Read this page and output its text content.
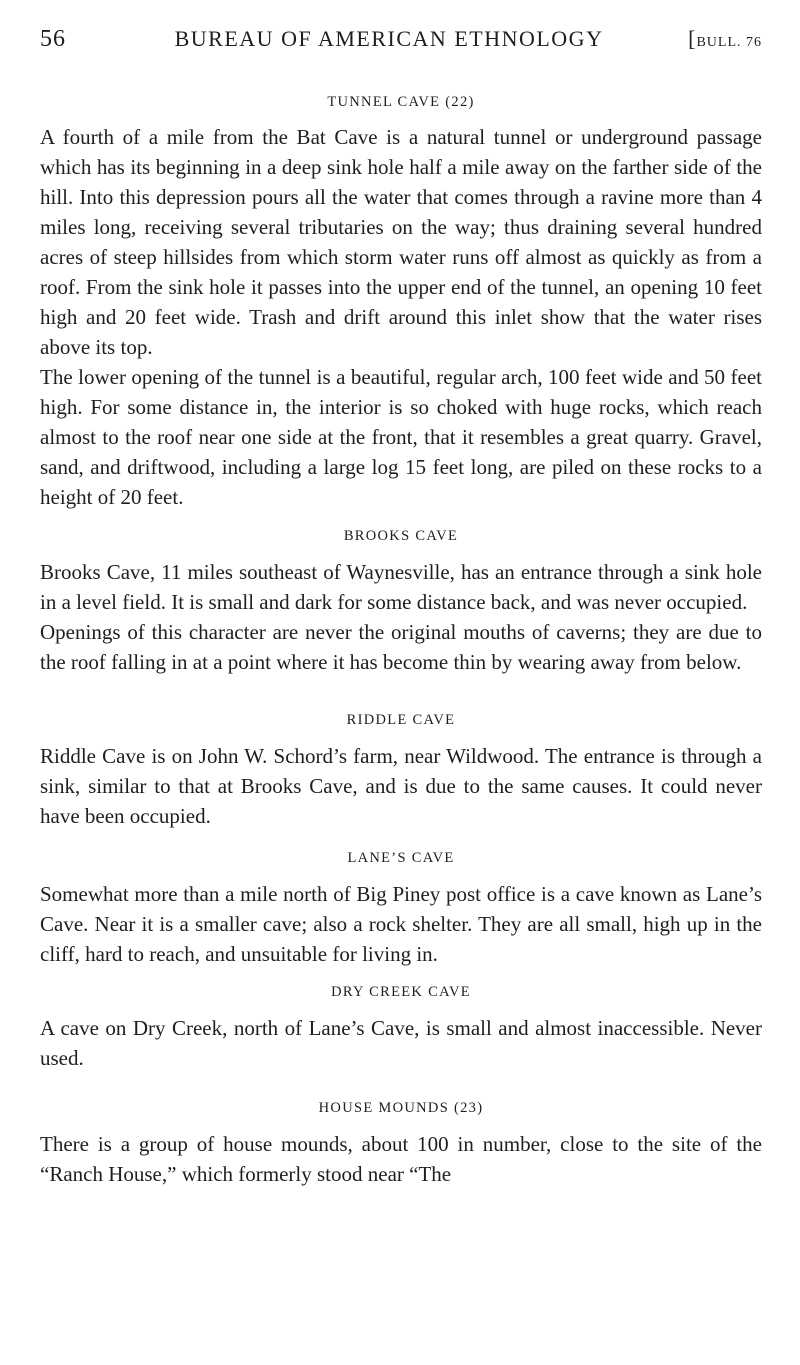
56	BUREAU OF AMERICAN ETHNOLOGY	[BULL. 76
TUNNEL CAVE (22)

A fourth of a mile from the Bat Cave is a natural tunnel or underground passage which has its beginning in a deep sink hole half a mile away on the farther side of the hill. Into this depression pours all the water that comes through a ravine more than 4 miles long, receiving several tributaries on the way; thus draining several hundred acres of steep hillsides from which storm water runs off almost as quickly as from a roof. From the sink hole it passes into the upper end of the tunnel, an opening 10 feet high and 20 feet wide. Trash and drift around this inlet show that the water rises above its top.

The lower opening of the tunnel is a beautiful, regular arch, 100 feet wide and 50 feet high. For some distance in, the interior is so choked with huge rocks, which reach almost to the roof near one side at the front, that it resembles a great quarry. Gravel, sand, and driftwood, including a large log 15 feet long, are piled on these rocks to a height of 20 feet.

BROOKS CAVE

Brooks Cave, 11 miles southeast of Waynesville, has an entrance through a sink hole in a level field. It is small and dark for some distance back, and was never occupied.

Openings of this character are never the original mouths of caverns; they are due to the roof falling in at a point where it has become thin by wearing away from below.

RIDDLE CAVE

Riddle Cave is on John W. Schord’s farm, near Wildwood. The entrance is through a sink, similar to that at Brooks Cave, and is due to the same causes. It could never have been occupied.

LANE’S CAVE

Somewhat more than a mile north of Big Piney post office is a cave known as Lane’s Cave. Near it is a smaller cave; also a rock shelter. They are all small, high up in the cliff, hard to reach, and unsuitable for living in.

DRY CREEK CAVE

A cave on Dry Creek, north of Lane’s Cave, is small and almost inaccessible. Never used.

HOUSE MOUNDS (23)

There is a group of house mounds, about 100 in number, close to the site of the “Ranch House,” which formerly stood near “The
